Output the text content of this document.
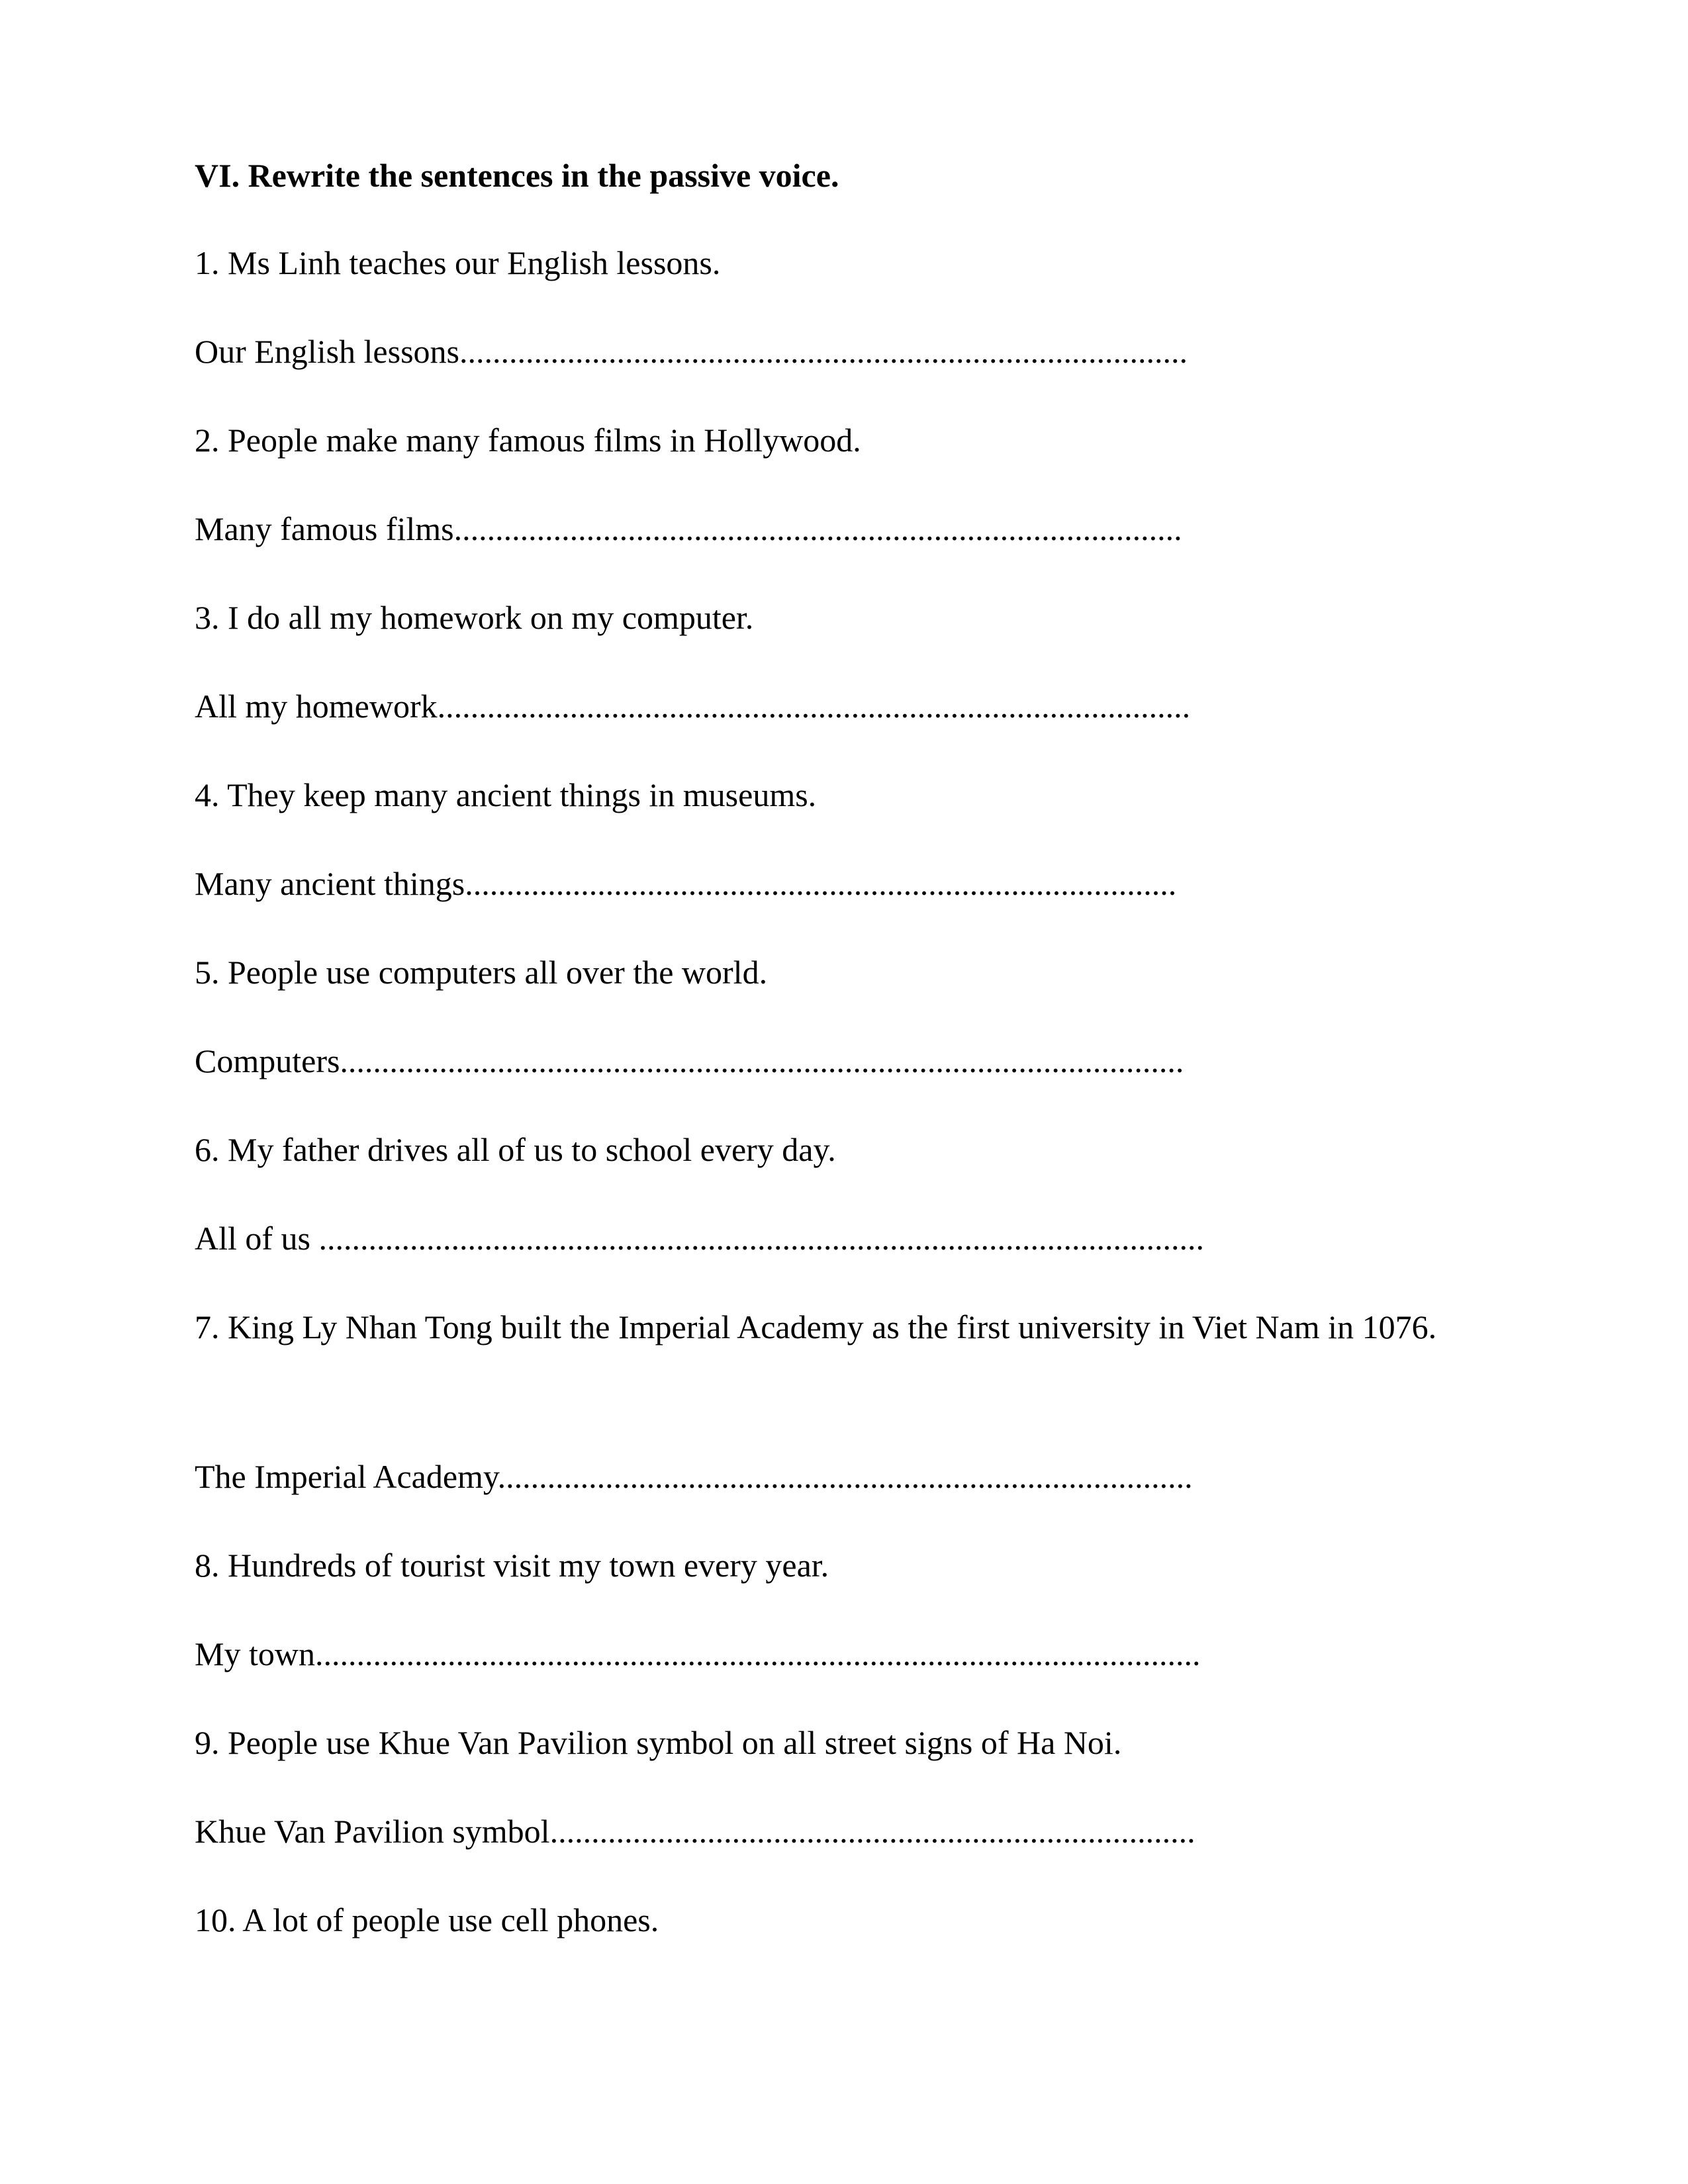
VI. Rewrite the sentences in the passive voice.
1. Ms Linh teaches our English lessons.
Our English lessons........................................................................................
2. People make many famous films in Hollywood.
Many famous films........................................................................................
3. I do all my homework on my computer.
All my homework...........................................................................................
4. They keep many ancient things in museums.
Many ancient things......................................................................................
5. People use computers all over the world.
Computers......................................................................................................
6. My father drives all of us to school every day.
All of us ...........................................................................................................
7. King Ly Nhan Tong built the Imperial Academy as the first university in Viet Nam in 1076.
The Imperial Academy....................................................................................
8. Hundreds of tourist visit my town every year.
My town...........................................................................................................
9. People use Khue Van Pavilion symbol on all street signs of Ha Noi.
Khue Van Pavilion symbol..............................................................................
10. A lot of people use cell phones.
